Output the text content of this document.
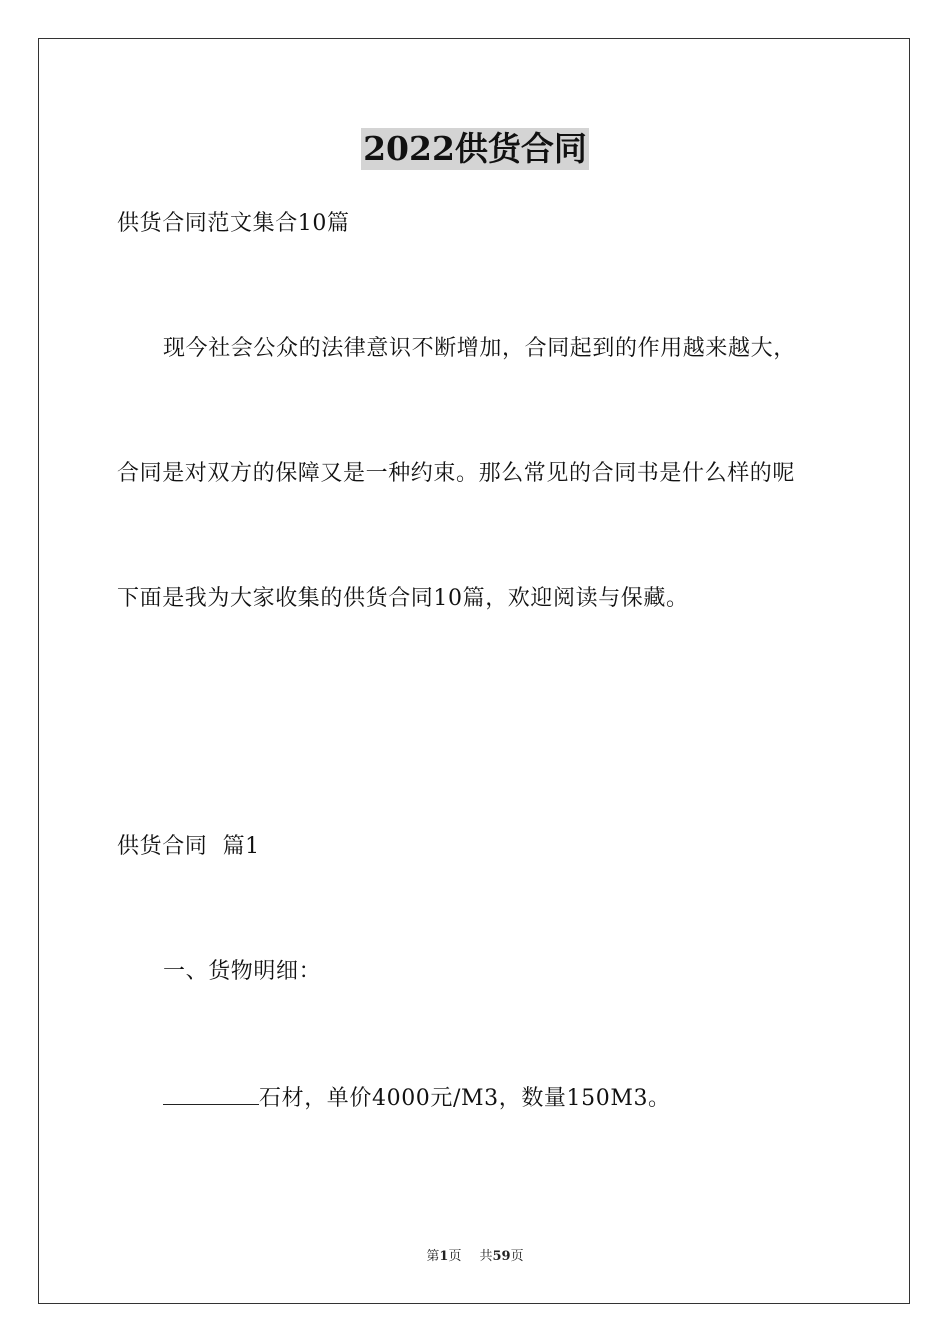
2022供货合同
供货合同范文集合10篇
现今社会公众的法律意识不断增加，合同起到的作用越来越大，
合同是对双方的保障又是一种约束。那么常见的合同书是什么样的呢
下面是我为大家收集的供货合同10篇，欢迎阅读与保藏。
供货合同  篇1
一、货物明细：
石材，单价4000元/M3，数量150M3。
第1页 共59页
